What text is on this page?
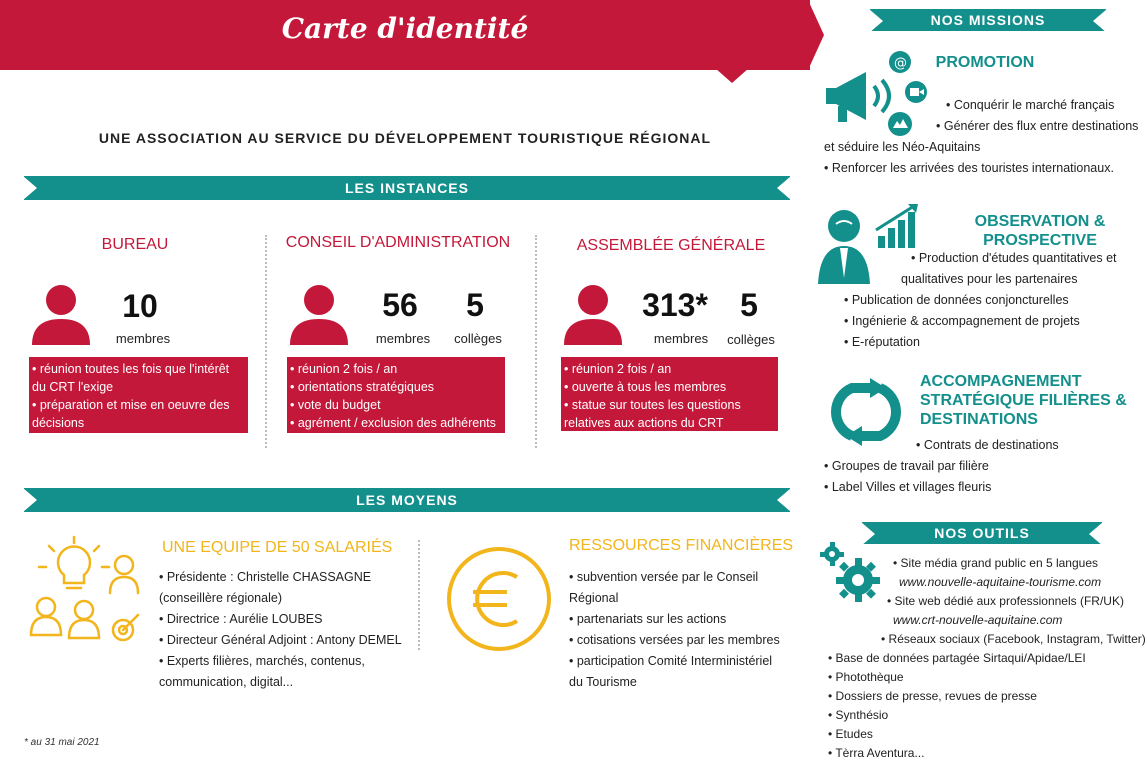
Carte d'identité
UNE ASSOCIATION AU SERVICE DU DÉVELOPPEMENT TOURISTIQUE RÉGIONAL
LES INSTANCES
BUREAU
10
membres
• réunion toutes les fois que l'intérêt du CRT l'exige
• préparation et mise en oeuvre des décisions
CONSEIL D'ADMINISTRATION
56
membres
5
collèges
• réunion 2 fois / an
• orientations stratégiques
• vote du budget
• agrément / exclusion des adhérents
ASSEMBLÉE GÉNÉRALE
313*
membres
5
collèges
• réunion 2 fois / an
• ouverte à tous les membres
• statue sur toutes les questions relatives aux actions du CRT
LES MOYENS
UNE EQUIPE DE 50 SALARIÉS
• Présidente : Christelle CHASSAGNE (conseillère régionale)
• Directrice : Aurélie LOUBES
• Directeur Général Adjoint : Antony DEMEL
• Experts filières, marchés, contenus, communication, digital...
RESSOURCES FINANCIÈRES
• subvention versée par le Conseil Régional
• partenariats sur les actions
• cotisations versées par les membres
• participation Comité Interministériel du Tourisme
* au 31 mai 2021
NOS MISSIONS
@	PROMOTION
• Conquérir le marché français
• Générer des flux entre destinations
et séduire les Néo-Aquitains
• Renforcer les arrivées des touristes internationaux.
OBSERVATION &
PROSPECTIVE
• Production d'études quantitatives et
qualitatives pour les partenaires
• Publication de données conjoncturelles
• Ingénierie & accompagnement de projets
• E-réputation
ACCOMPAGNEMENT
STRATÉGIQUE FILIÈRES &
DESTINATIONS
• Contrats de destinations
• Groupes de travail par filière
• Label Villes et villages fleuris
NOS OUTILS
• Site média grand public en 5 langues
www.nouvelle-aquitaine-tourisme.com
• Site web dédié aux professionnels (FR/UK)
www.crt-nouvelle-aquitaine.com
• Réseaux sociaux (Facebook, Instagram, Twitter)
• Base de données partagée Sirtaqui/Apidae/LEI
• Photothèque
• Dossiers de presse, revues de presse
• Synthésio
• Etudes
• Tèrra Aventura...
